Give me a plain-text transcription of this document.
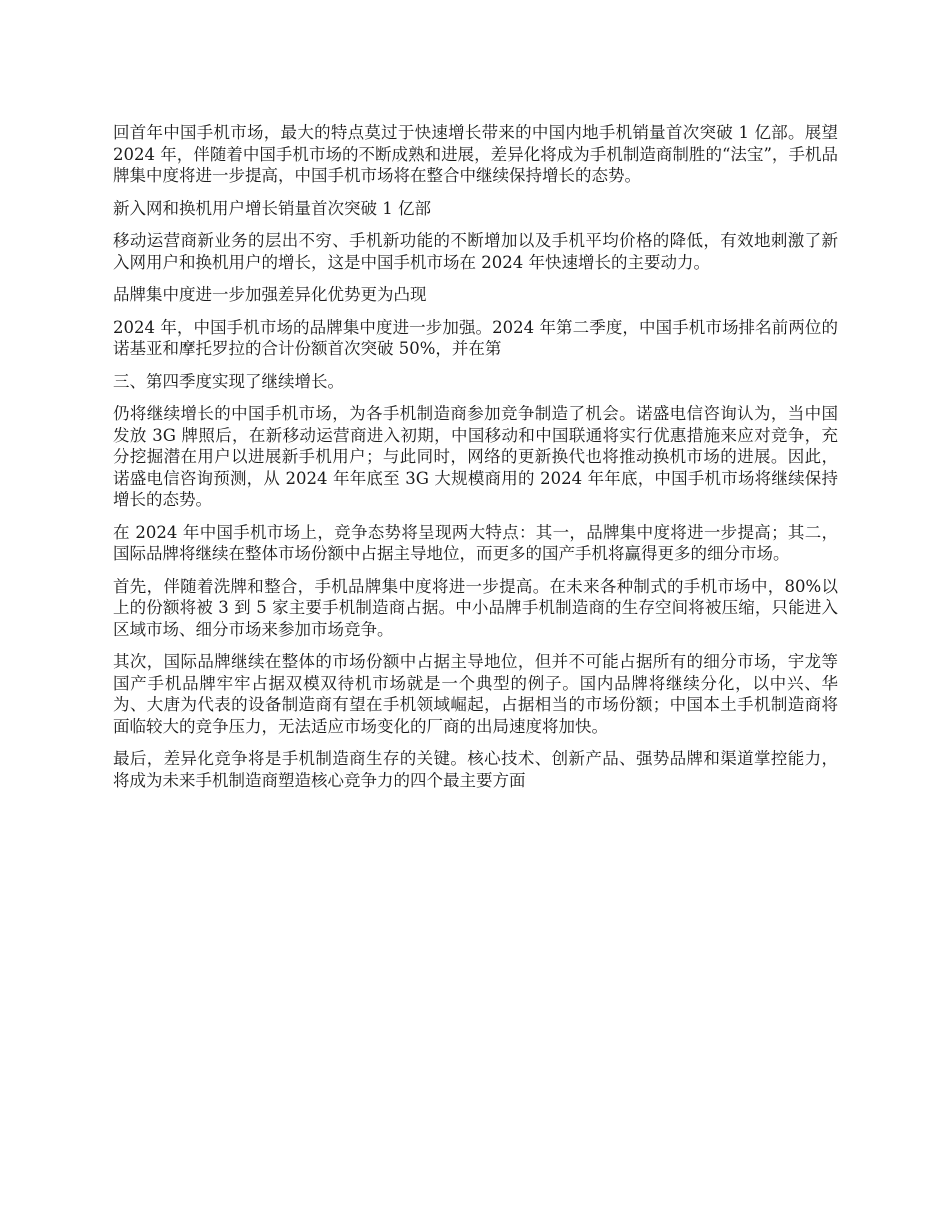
回首年中国手机市场，最大的特点莫过于快速增长带来的中国内地手机销量首次突破 1 亿部。展望 2024 年，伴随着中国手机市场的不断成熟和进展，差异化将成为手机制造商制胜的“法宝”，手机品牌集中度将进一步提高，中国手机市场将在整合中继续保持增长的态势。

新入网和换机用户增长销量首次突破 1 亿部

移动运营商新业务的层出不穷、手机新功能的不断增加以及手机平均价格的降低，有效地刺激了新入网用户和换机用户的增长，这是中国手机市场在 2024 年快速增长的主要动力。

品牌集中度进一步加强差异化优势更为凸现

2024 年，中国手机市场的品牌集中度进一步加强。2024 年第二季度，中国手机市场排名前两位的诺基亚和摩托罗拉的合计份额首次突破 50%，并在第

三、第四季度实现了继续增长。

仍将继续增长的中国手机市场，为各手机制造商参加竞争制造了机会。诺盛电信咨询认为，当中国发放 3G 牌照后，在新移动运营商进入初期，中国移动和中国联通将实行优惠措施来应对竞争，充分挖掘潜在用户以进展新手机用户；与此同时，网络的更新换代也将推动换机市场的进展。因此，诺盛电信咨询预测，从 2024 年年底至 3G 大规模商用的 2024 年年底，中国手机市场将继续保持增长的态势。

在 2024 年中国手机市场上，竞争态势将呈现两大特点：其一，品牌集中度将进一步提高；其二，国际品牌将继续在整体市场份额中占据主导地位，而更多的国产手机将赢得更多的细分市场。

首先，伴随着洗牌和整合，手机品牌集中度将进一步提高。在未来各种制式的手机市场中，80%以上的份额将被 3 到 5 家主要手机制造商占据。中小品牌手机制造商的生存空间将被压缩，只能进入区域市场、细分市场来参加市场竞争。

其次，国际品牌继续在整体的市场份额中占据主导地位，但并不可能占据所有的细分市场，宇龙等国产手机品牌牢牢占据双模双待机市场就是一个典型的例子。国内品牌将继续分化，以中兴、华为、大唐为代表的设备制造商有望在手机领域崛起，占据相当的市场份额；中国本土手机制造商将面临较大的竞争压力，无法适应市场变化的厂商的出局速度将加快。

最后，差异化竞争将是手机制造商生存的关键。核心技术、创新产品、强势品牌和渠道掌控能力，将成为未来手机制造商塑造核心竞争力的四个最主要方面
